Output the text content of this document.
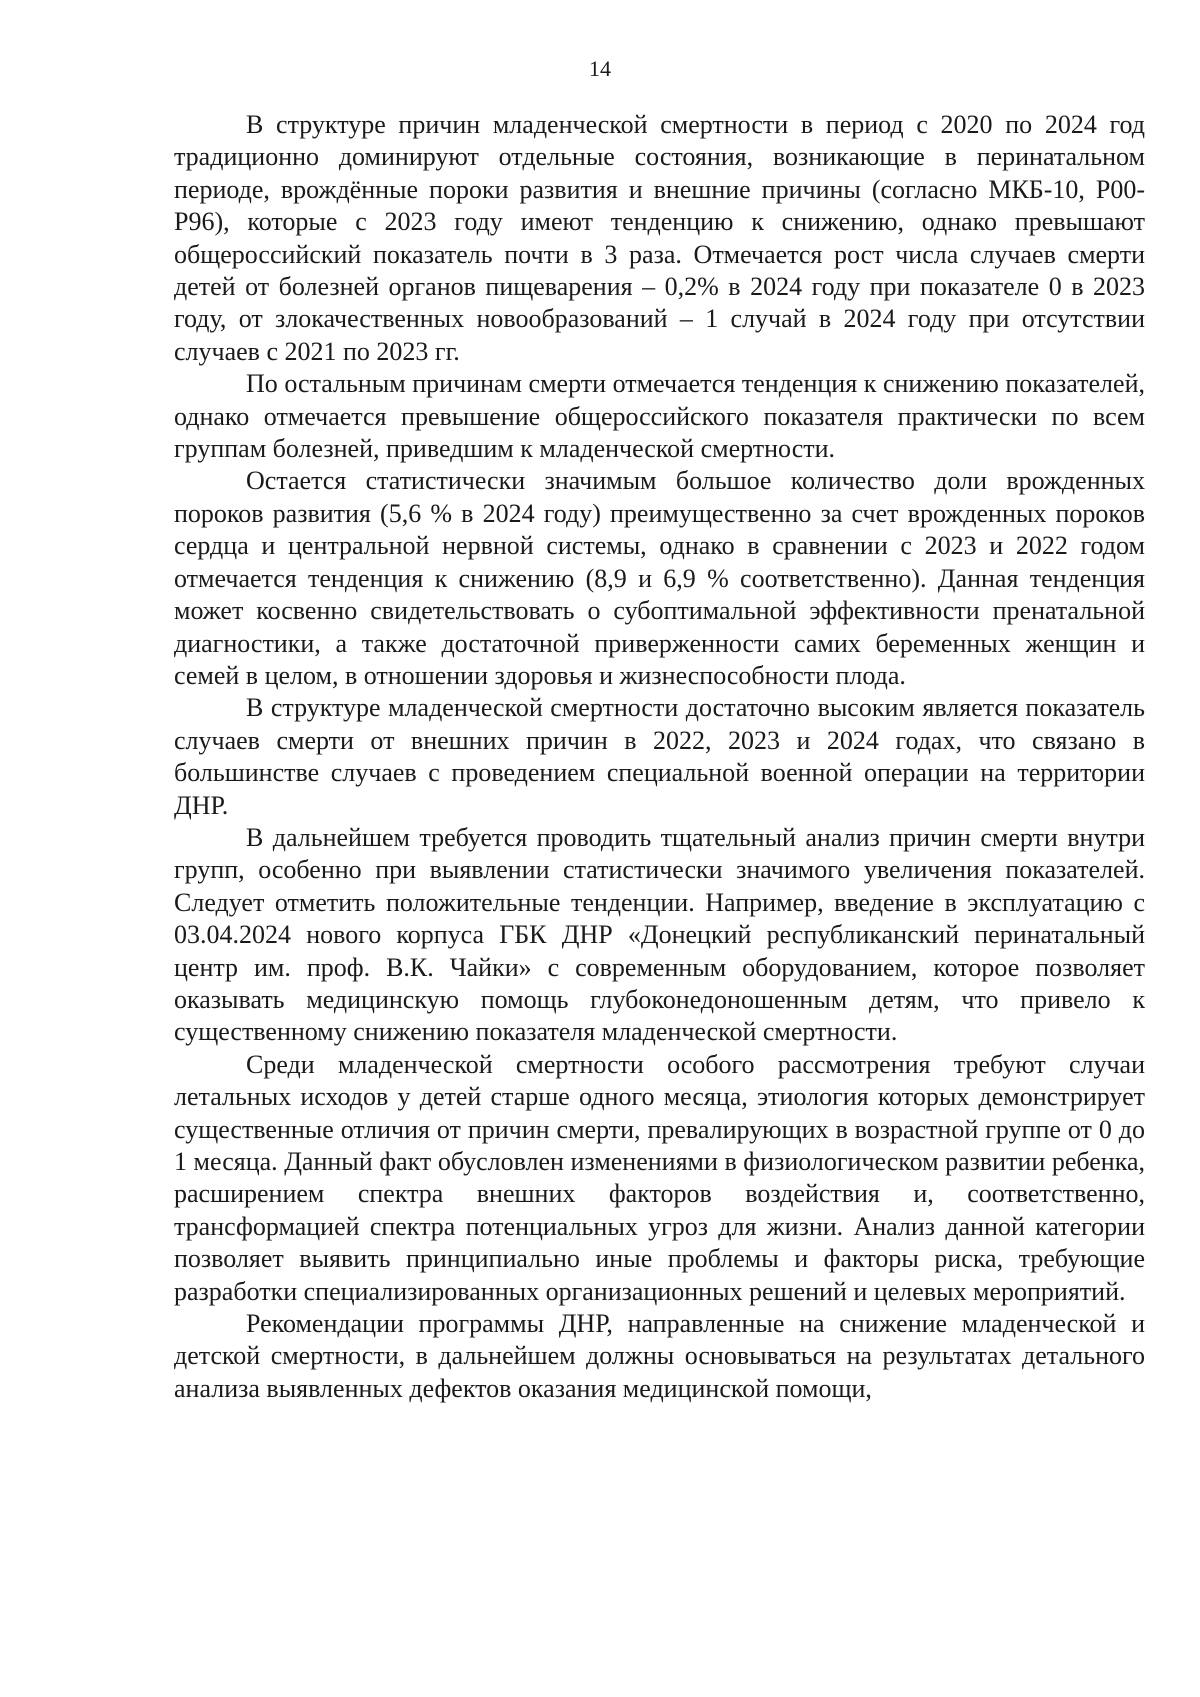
14

В структуре причин младенческой смертности в период с 2020 по 2024 год традиционно доминируют отдельные состояния, возникающие в перинатальном периоде, врождённые пороки развития и внешние причины (согласно МКБ-10, Р00-Р96), которые с 2023 году имеют тенденцию к снижению, однако превышают общероссийский показатель почти в 3 раза. Отмечается рост числа случаев смерти детей от болезней органов пищеварения – 0,2% в 2024 году при показателе 0 в 2023 году, от злокачественных новообразований – 1 случай в 2024 году при отсутствии случаев с 2021 по 2023 гг.

По остальным причинам смерти отмечается тенденция к снижению показателей, однако отмечается превышение общероссийского показателя практически по всем группам болезней, приведшим к младенческой смертности.

Остается статистически значимым большое количество доли врожденных пороков развития (5,6 % в 2024 году) преимущественно за счет врожденных пороков сердца и центральной нервной системы, однако в сравнении с 2023 и 2022 годом отмечается тенденция к снижению (8,9 и 6,9 % соответственно). Данная тенденция может косвенно свидетельствовать о субоптимальной эффективности пренатальной диагностики, а также достаточной приверженности самих беременных женщин и семей в целом, в отношении здоровья и жизнеспособности плода.

В структуре младенческой смертности достаточно высоким является показатель случаев смерти от внешних причин в 2022, 2023 и 2024 годах, что связано в большинстве случаев с проведением специальной военной операции на территории ДНР.

В дальнейшем требуется проводить тщательный анализ причин смерти внутри групп, особенно при выявлении статистически значимого увеличения показателей. Следует отметить положительные тенденции. Например, введение в эксплуатацию с 03.04.2024 нового корпуса ГБК ДНР «Донецкий республиканский перинатальный центр им. проф. В.К. Чайки» с современным оборудованием, которое позволяет оказывать медицинскую помощь глубоконедоношенным детям, что привело к существенному снижению показателя младенческой смертности.

Среди младенческой смертности особого рассмотрения требуют случаи летальных исходов у детей старше одного месяца, этиология которых демонстрирует существенные отличия от причин смерти, превалирующих в возрастной группе от 0 до 1 месяца. Данный факт обусловлен изменениями в физиологическом развитии ребенка, расширением спектра внешних факторов воздействия и, соответственно, трансформацией спектра потенциальных угроз для жизни. Анализ данной категории позволяет выявить принципиально иные проблемы и факторы риска, требующие разработки специализированных организационных решений и целевых мероприятий.

Рекомендации программы ДНР, направленные на снижение младенческой и детской смертности, в дальнейшем должны основываться на результатах детального анализа выявленных дефектов оказания медицинской помощи,
